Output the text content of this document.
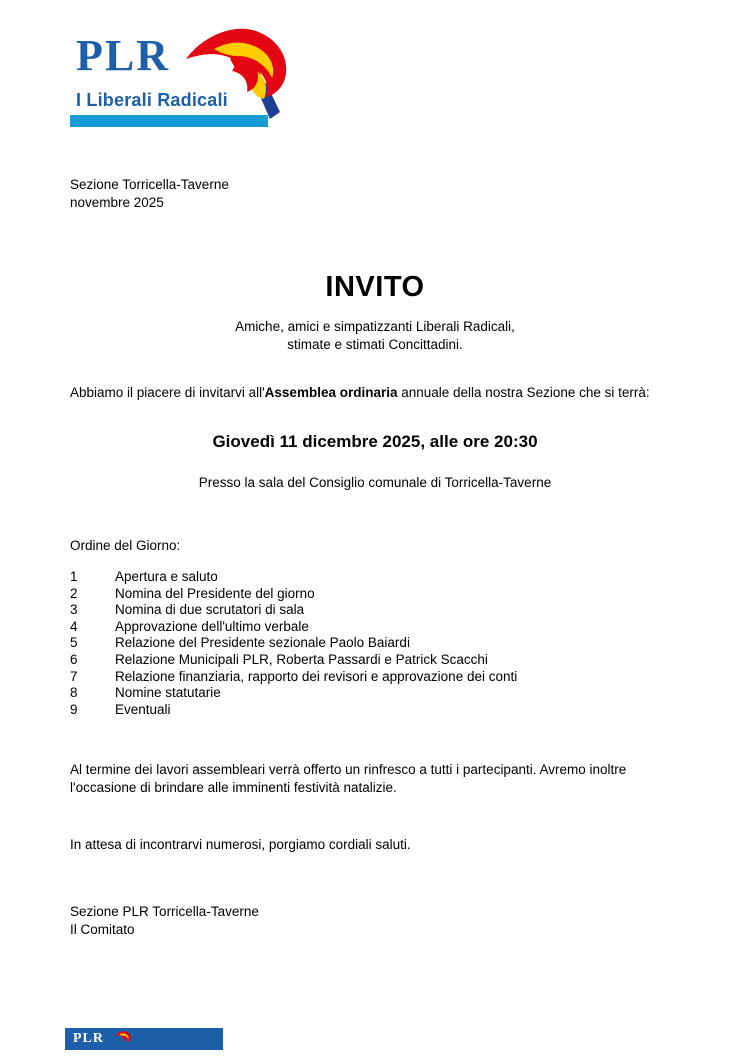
PLR
I Liberali Radicali
Sezione Torricella-Taverne
novembre 2025
INVITO
Amiche, amici e simpatizzanti Liberali Radicali,
stimate e stimati Concittadini.
Abbiamo il piacere di invitarvi all'Assemblea ordinaria annuale della nostra Sezione che si terrà:
Giovedì 11 dicembre 2025, alle ore 20:30
Presso la sala del Consiglio comunale di Torricella-Taverne
Ordine del Giorno:
1	Apertura e saluto
2	Nomina del Presidente del giorno
3	Nomina di due scrutatori di sala
4	Approvazione dell'ultimo verbale
5	Relazione del Presidente sezionale Paolo Baiardi
6	Relazione Municipali PLR, Roberta Passardi e Patrick Scacchi
7	Relazione finanziaria, rapporto dei revisori e approvazione dei conti
8	Nomine statutarie
9	Eventuali
Al termine dei lavori assembleari verrà offerto un rinfresco a tutti i partecipanti. Avremo inoltre l'occasione di brindare alle imminenti festività natalizie.
In attesa di incontrarvi numerosi, porgiamo cordiali saluti.
Sezione PLR Torricella-Taverne
Il Comitato
PLR
